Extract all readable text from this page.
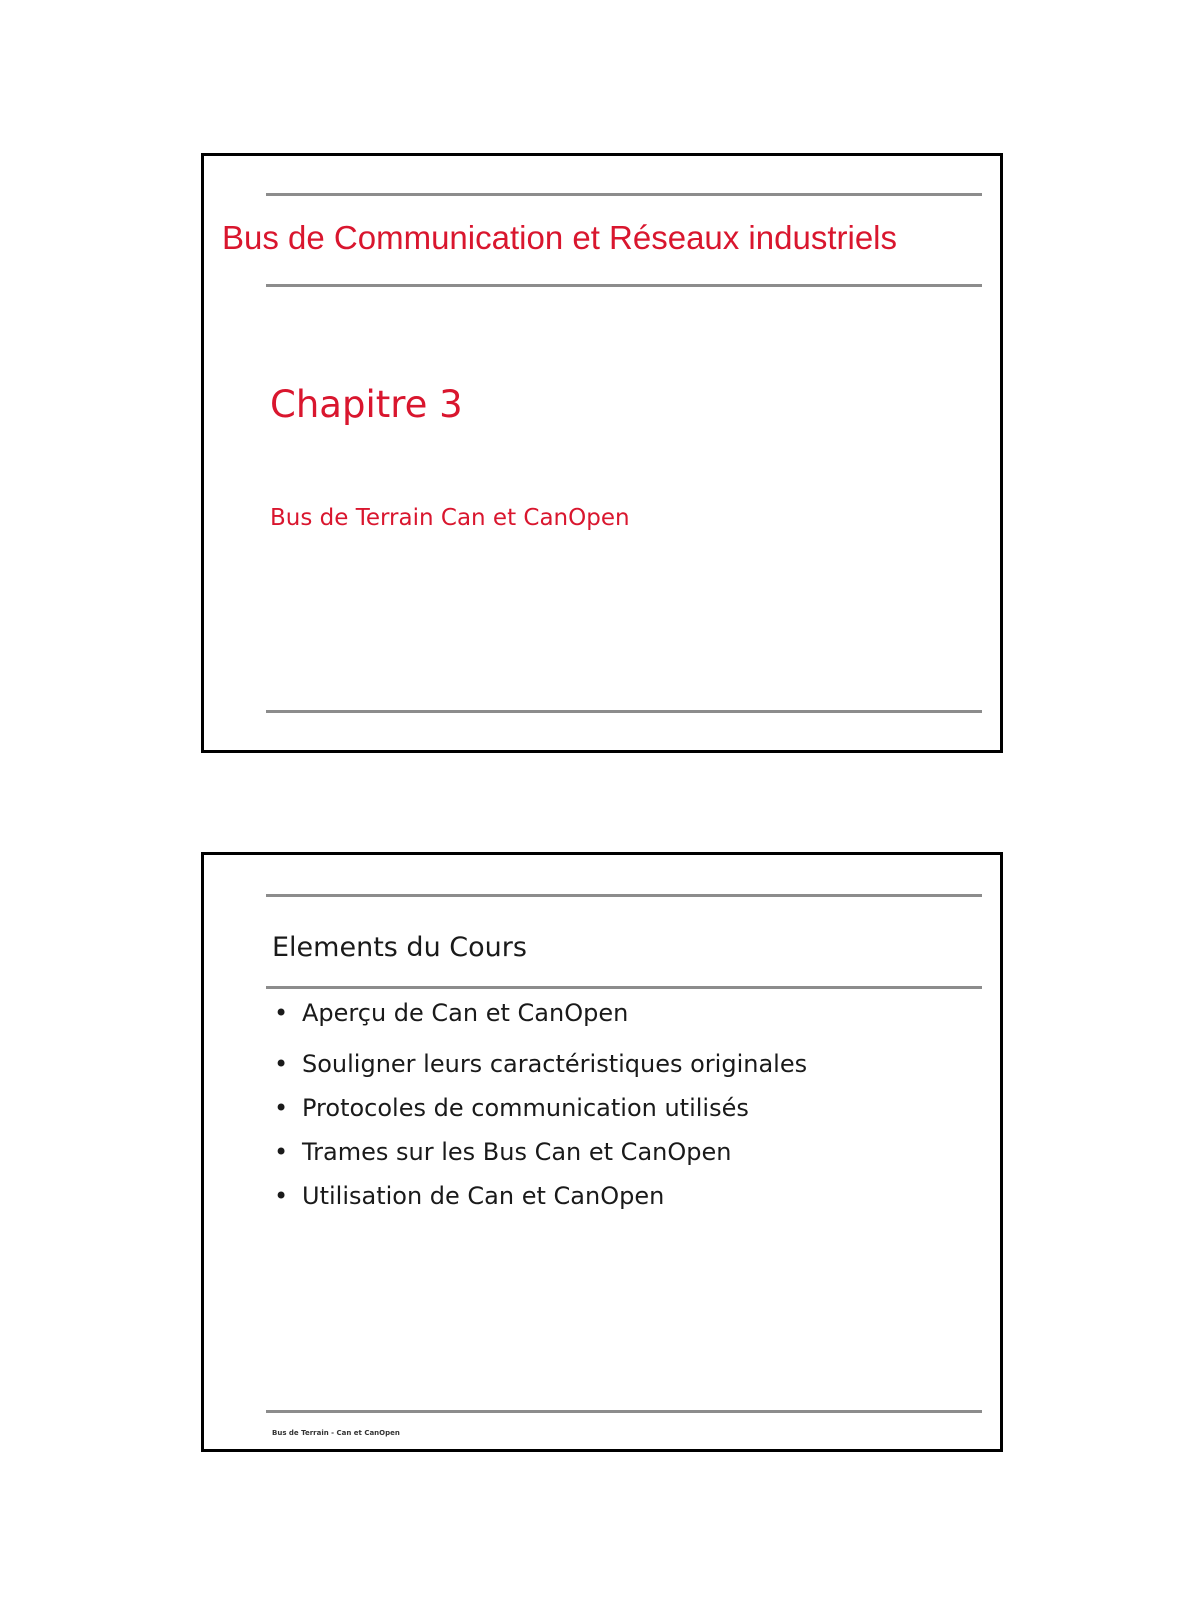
Bus de Communication et Réseaux industriels
Chapitre 3
Bus de Terrain Can et CanOpen
Elements du Cours
• Aperçu de Can et CanOpen
• Souligner leurs caractéristiques originales
• Protocoles de communication utilisés
• Trames sur les Bus Can et CanOpen
• Utilisation de Can et CanOpen
Bus de Terrain - Can et CanOpen
